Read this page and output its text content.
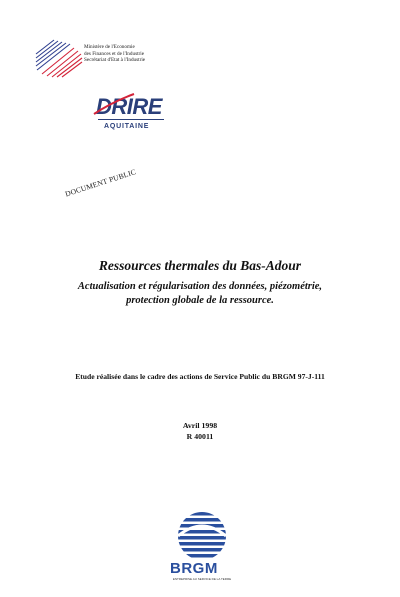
Ministère de l'Economie
des Finances et de l'Industrie
Secrétariat d'Etat à l'Industrie
DRIRE
AQUITAINE
DOCUMENT PUBLIC
Ressources thermales du Bas-Adour
Actualisation et régularisation des données, piézométrie,
protection globale de la ressource.
Etude réalisée dans le cadre des actions de Service Public du BRGM 97-J-111
Avril 1998
R 40011
BRGM
ENTREPRISE AU SERVICE DE LA TERRE
